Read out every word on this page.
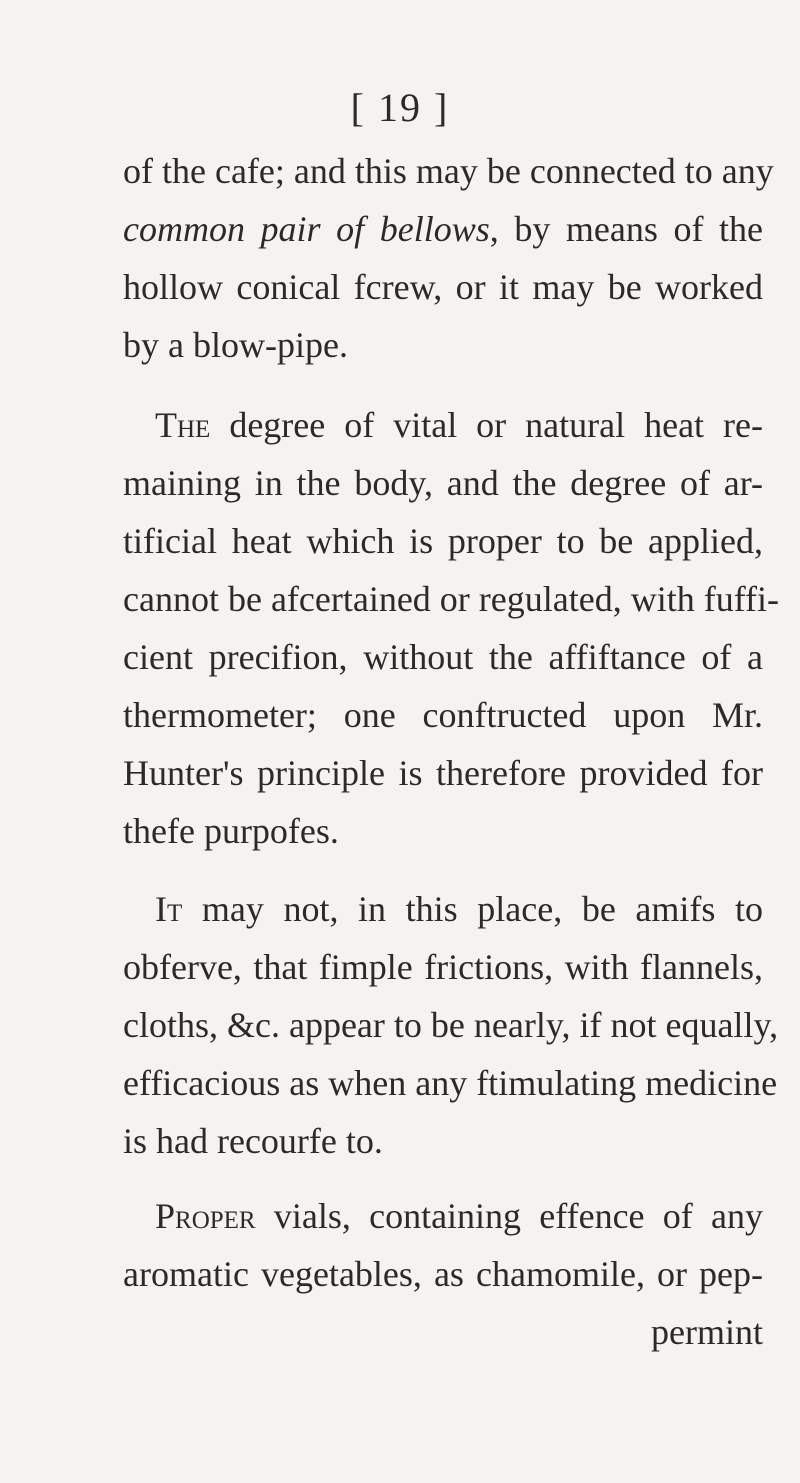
[ 19 ]
of the cafe; and this may be connected to any
common pair of bellows, by means of the
hollow conical fcrew, or it may be worked
by a blow-pipe.
The degree of vital or natural heat re-
maining in the body, and the degree of ar-
tificial heat which is proper to be applied,
cannot be afcertained or regulated, with fuffi-
cient precifion, without the affiftance of a
thermometer; one conftructed upon Mr.
Hunter's principle is therefore provided for
thefe purpofes.
It may not, in this place, be amifs to
obferve, that fimple frictions, with flannels,
cloths, &c. appear to be nearly, if not equally,
efficacious as when any ftimulating medicine
is had recourfe to.
Proper vials, containing effence of any
aromatic vegetables, as chamomile, or pep-
permint
